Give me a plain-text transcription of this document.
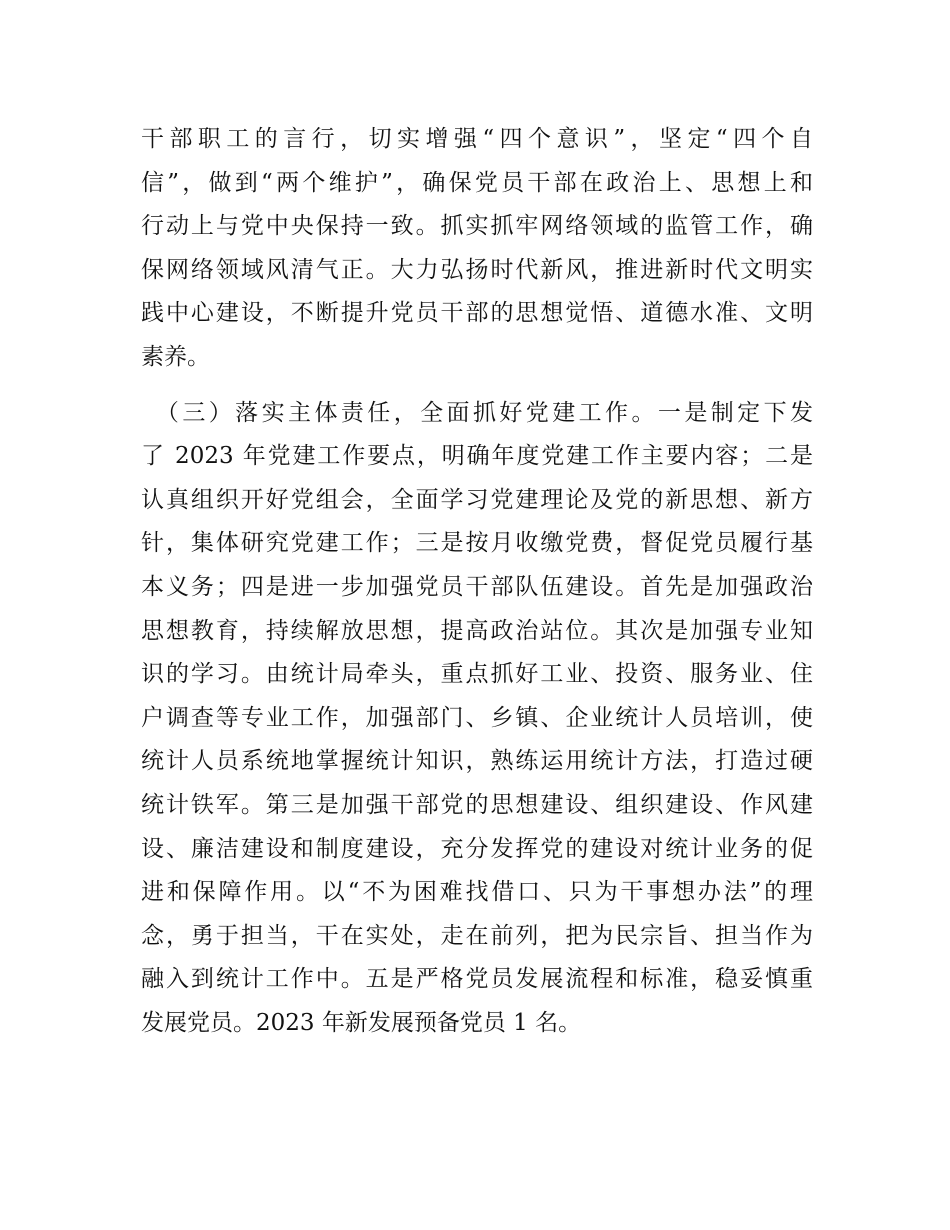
干部职工的言行，切实增强“四个意识”，坚定“四个自
信”，做到“两个维护”，确保党员干部在政治上、思想上和
行动上与党中央保持一致。抓实抓牢网络领域的监管工作，确
保网络领域风清气正。大力弘扬时代新风，推进新时代文明实
践中心建设，不断提升党员干部的思想觉悟、道德水准、文明
素养。
　（三）落实主体责任，全面抓好党建工作。一是制定下发
了 2023 年党建工作要点，明确年度党建工作主要内容；二是
认真组织开好党组会，全面学习党建理论及党的新思想、新方
针，集体研究党建工作；三是按月收缴党费，督促党员履行基
本义务；四是进一步加强党员干部队伍建设。首先是加强政治
思想教育，持续解放思想，提高政治站位。其次是加强专业知
识的学习。由统计局牵头，重点抓好工业、投资、服务业、住
户调查等专业工作，加强部门、乡镇、企业统计人员培训，使
统计人员系统地掌握统计知识，熟练运用统计方法，打造过硬
统计铁军。第三是加强干部党的思想建设、组织建设、作风建
设、廉洁建设和制度建设，充分发挥党的建设对统计业务的促
进和保障作用。以“不为困难找借口、只为干事想办法”的理
念，勇于担当，干在实处，走在前列，把为民宗旨、担当作为
融入到统计工作中。五是严格党员发展流程和标准，稳妥慎重
发展党员。2023 年新发展预备党员 1 名。
